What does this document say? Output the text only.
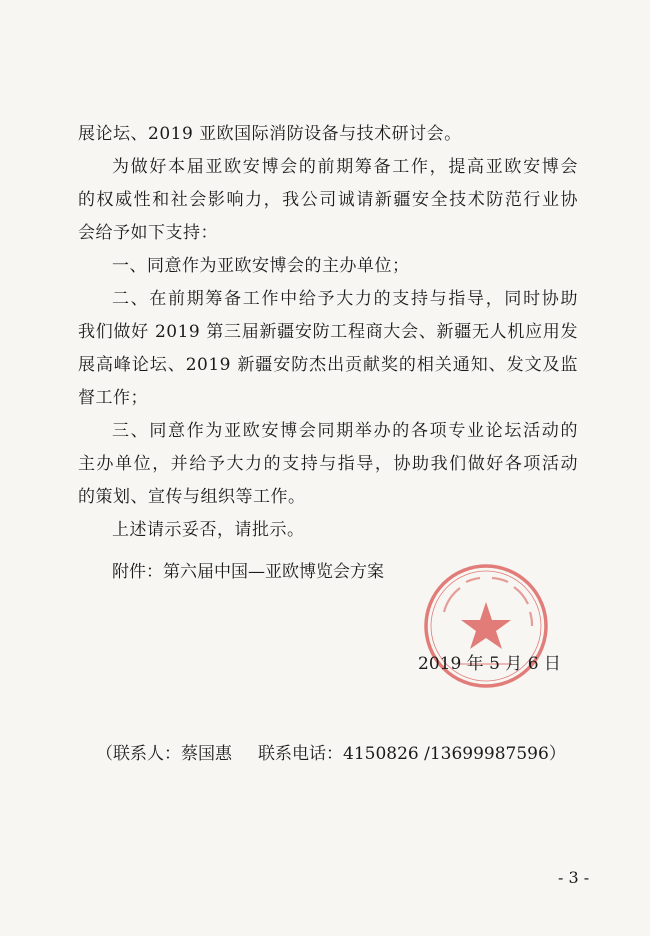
展论坛、2019 亚欧国际消防设备与技术研讨会。
为做好本届亚欧安博会的前期筹备工作，提高亚欧安博会
的权威性和社会影响力，我公司诚请新疆安全技术防范行业协
会给予如下支持：
一、同意作为亚欧安博会的主办单位；
二、在前期筹备工作中给予大力的支持与指导，同时协助
我们做好 2019 第三届新疆安防工程商大会、新疆无人机应用发
展高峰论坛、2019 新疆安防杰出贡献奖的相关通知、发文及监
督工作；
三、同意作为亚欧安博会同期举办的各项专业论坛活动的
主办单位，并给予大力的支持与指导，协助我们做好各项活动
的策划、宣传与组织等工作。
上述请示妥否，请批示。
附件：第六届中国—亚欧博览会方案
2019 年 5 月 6 日
（联系人：蔡国惠 联系电话：4150826 /13699987596）
- 3 -
